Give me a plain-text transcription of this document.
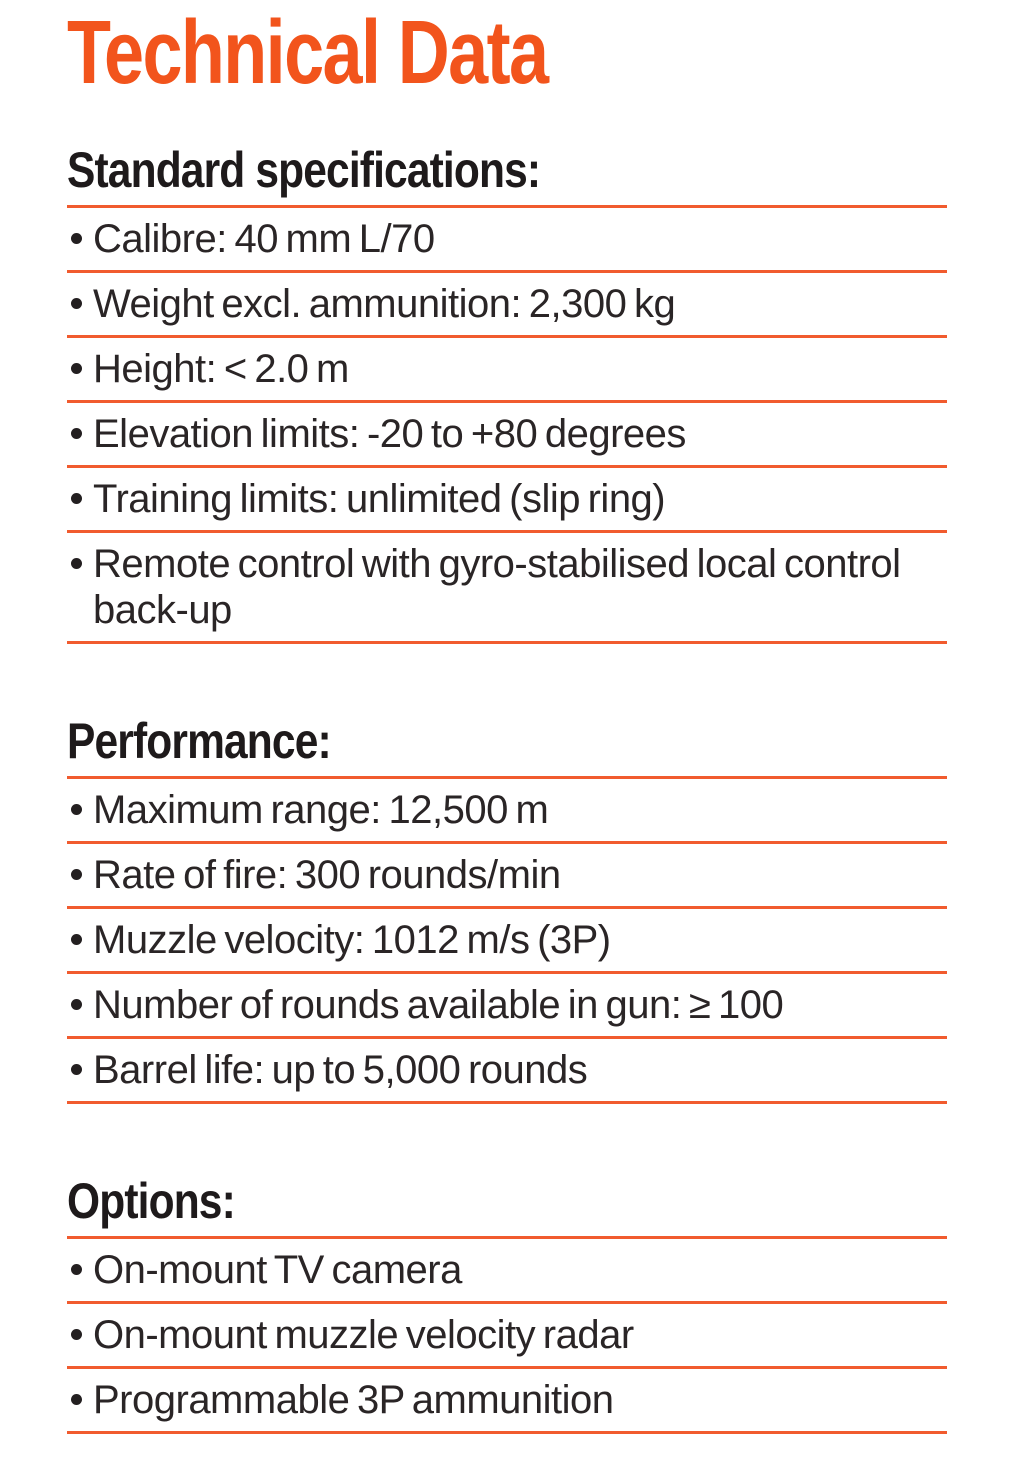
Technical Data
Standard specifications:
Calibre: 40 mm L/70
Weight excl. ammunition: 2,300 kg
Height: < 2.0 m
Elevation limits: -20 to +80 degrees
Training limits: unlimited (slip ring)
Remote control with gyro-stabilised local control back-up
Performance:
Maximum range: 12,500 m
Rate of fire: 300 rounds/min
Muzzle velocity: 1012 m/s (3P)
Number of rounds available in gun: ≥ 100
Barrel life: up to 5,000 rounds
Options:
On-mount TV camera
On-mount muzzle velocity radar
Programmable 3P ammunition
